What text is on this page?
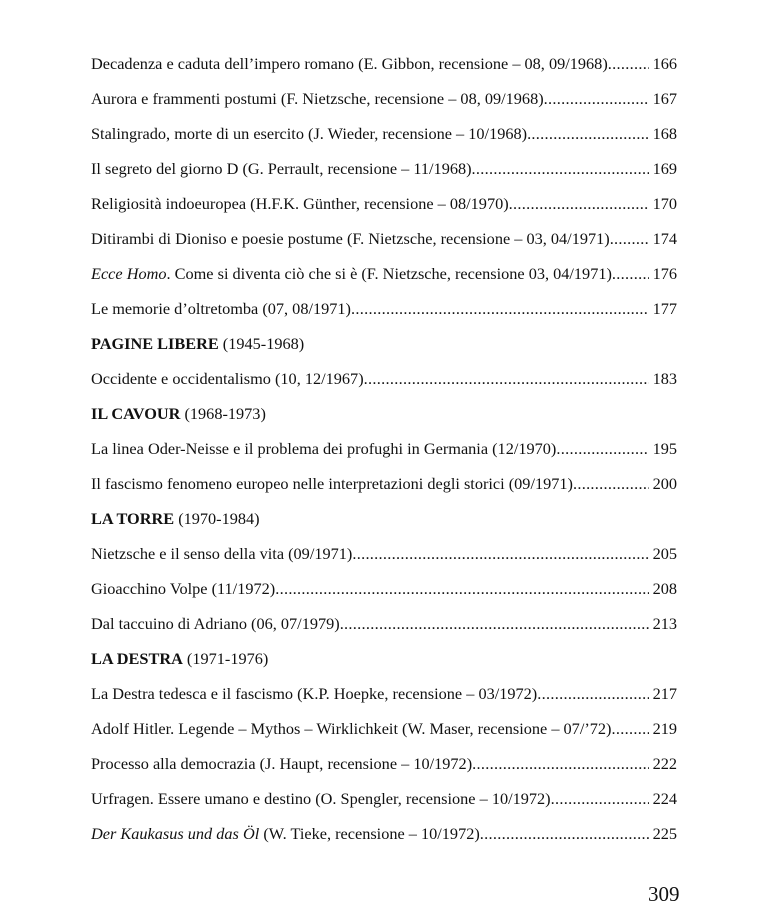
Decadenza e caduta dell’impero romano (E. Gibbon, recensione – 08, 09/1968) .....	166
Aurora e frammenti postumi (F. Nietzsche, recensione – 08, 09/1968) .....	167
Stalingrado, morte di un esercito (J. Wieder, recensione – 10/1968) .....	168
Il segreto del giorno D (G. Perrault, recensione – 11/1968) .....	169
Religiosità indoeuropea (H.F.K. Günther, recensione – 08/1970) .....	170
Ditirambi di Dioniso e poesie postume (F. Nietzsche, recensione – 03, 04/1971) .....	174
Ecce Homo. Come si diventa ciò che si è (F. Nietzsche, recensione 03, 04/1971) .....	176
Le memorie d’oltretomba (07, 08/1971) .....	177
PAGINE LIBERE
(1945-1968)
Occidente e occidentalismo (10, 12/1967) .....	183
IL CAVOUR
(1968-1973)
La linea Oder-Neisse e il problema dei profughi in Germania (12/1970) .....	195
Il fascismo fenomeno europeo nelle interpretazioni degli storici (09/1971) .....	200
LA TORRE
(1970-1984)
Nietzsche e il senso della vita (09/1971) .....	205
Gioacchino Volpe (11/1972) .....	208
Dal taccuino di Adriano (06, 07/1979) .....	213
LA DESTRA
(1971-1976)
La Destra tedesca e il fascismo (K.P. Hoepke, recensione – 03/1972) .....	217
Adolf Hitler. Legende – Mythos – Wirklichkeit (W. Maser, recensione – 07/’72) .....	219
Processo alla democrazia (J. Haupt, recensione – 10/1972) .....	222
Urfragen. Essere umano e destino (O. Spengler, recensione – 10/1972) .....	224
Der Kaukasus und das Öl (W. Tieke, recensione – 10/1972) .....	225
309
